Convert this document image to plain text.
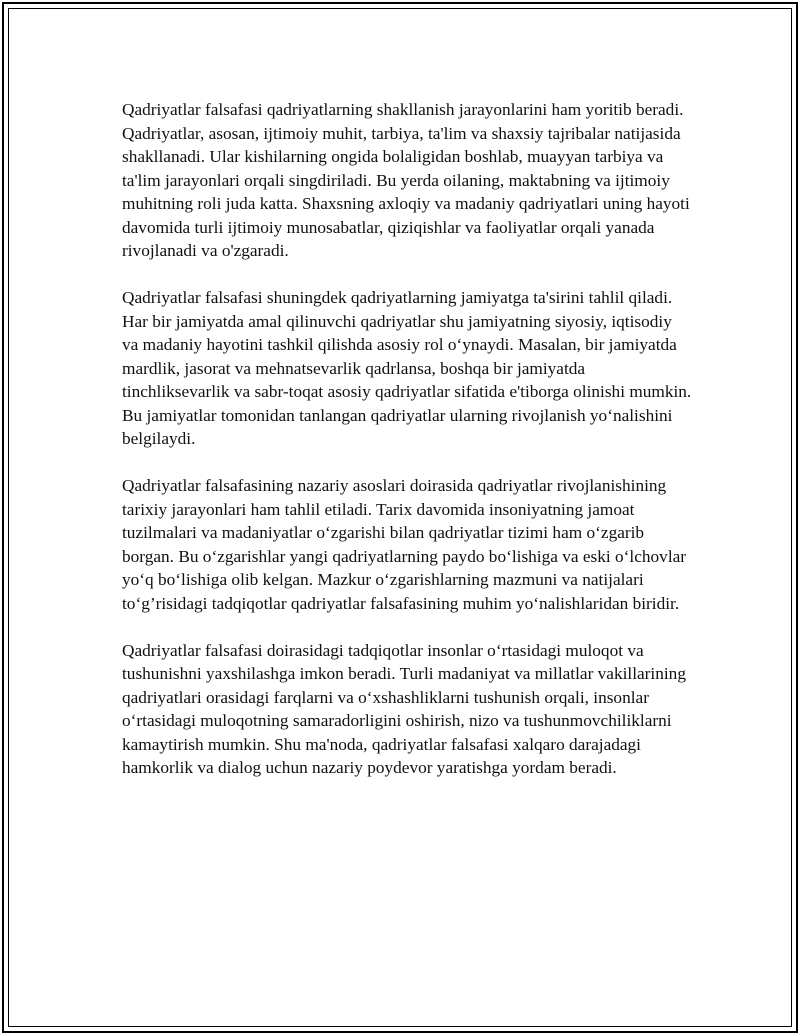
Qadriyatlar falsafasi qadriyatlarning shakllanish jarayonlarini ham yoritib beradi. Qadriyatlar, asosan, ijtimoiy muhit, tarbiya, ta'lim va shaxsiy tajribalar natijasida shakllanadi. Ular kishilarning ongida bolaligidan boshlab, muayyan tarbiya va ta'lim jarayonlari orqali singdiriladi. Bu yerda oilaning, maktabning va ijtimoiy muhitning roli juda katta. Shaxsning axloqiy va madaniy qadriyatlari uning hayoti davomida turli ijtimoiy munosabatlar, qiziqishlar va faoliyatlar orqali yanada rivojlanadi va o'zgaradi.

Qadriyatlar falsafasi shuningdek qadriyatlarning jamiyatga ta'sirini tahlil qiladi. Har bir jamiyatda amal qilinuvchi qadriyatlar shu jamiyatning siyosiy, iqtisodiy va madaniy hayotini tashkil qilishda asosiy rol o‘ynaydi. Masalan, bir jamiyatda mardlik, jasorat va mehnatsevarlik qadrlansa, boshqa bir jamiyatda tinchliksevarlik va sabr-toqat asosiy qadriyatlar sifatida e'tiborga olinishi mumkin. Bu jamiyatlar tomonidan tanlangan qadriyatlar ularning rivojlanish yo‘nalishini belgilaydi.

Qadriyatlar falsafasining nazariy asoslari doirasida qadriyatlar rivojlanishining tarixiy jarayonlari ham tahlil etiladi. Tarix davomida insoniyatning jamoat tuzilmalari va madaniyatlar o‘zgarishi bilan qadriyatlar tizimi ham o‘zgarib borgan. Bu o‘zgarishlar yangi qadriyatlarning paydo bo‘lishiga va eski o‘lchovlar yo‘q bo‘lishiga olib kelgan. Mazkur o‘zgarishlarning mazmuni va natijalari to‘g’risidagi tadqiqotlar qadriyatlar falsafasining muhim yo‘nalishlaridan biridir.

Qadriyatlar falsafasi doirasidagi tadqiqotlar insonlar o‘rtasidagi muloqot va tushunishni yaxshilashga imkon beradi. Turli madaniyat va millatlar vakillarining qadriyatlari orasidagi farqlarni va o‘xshashliklarni tushunish orqali, insonlar o‘rtasidagi muloqotning samaradorligini oshirish, nizo va tushunmovchiliklarni kamaytirish mumkin. Shu ma'noda, qadriyatlar falsafasi xalqaro darajadagi hamkorlik va dialog uchun nazariy poydevor yaratishga yordam beradi.
